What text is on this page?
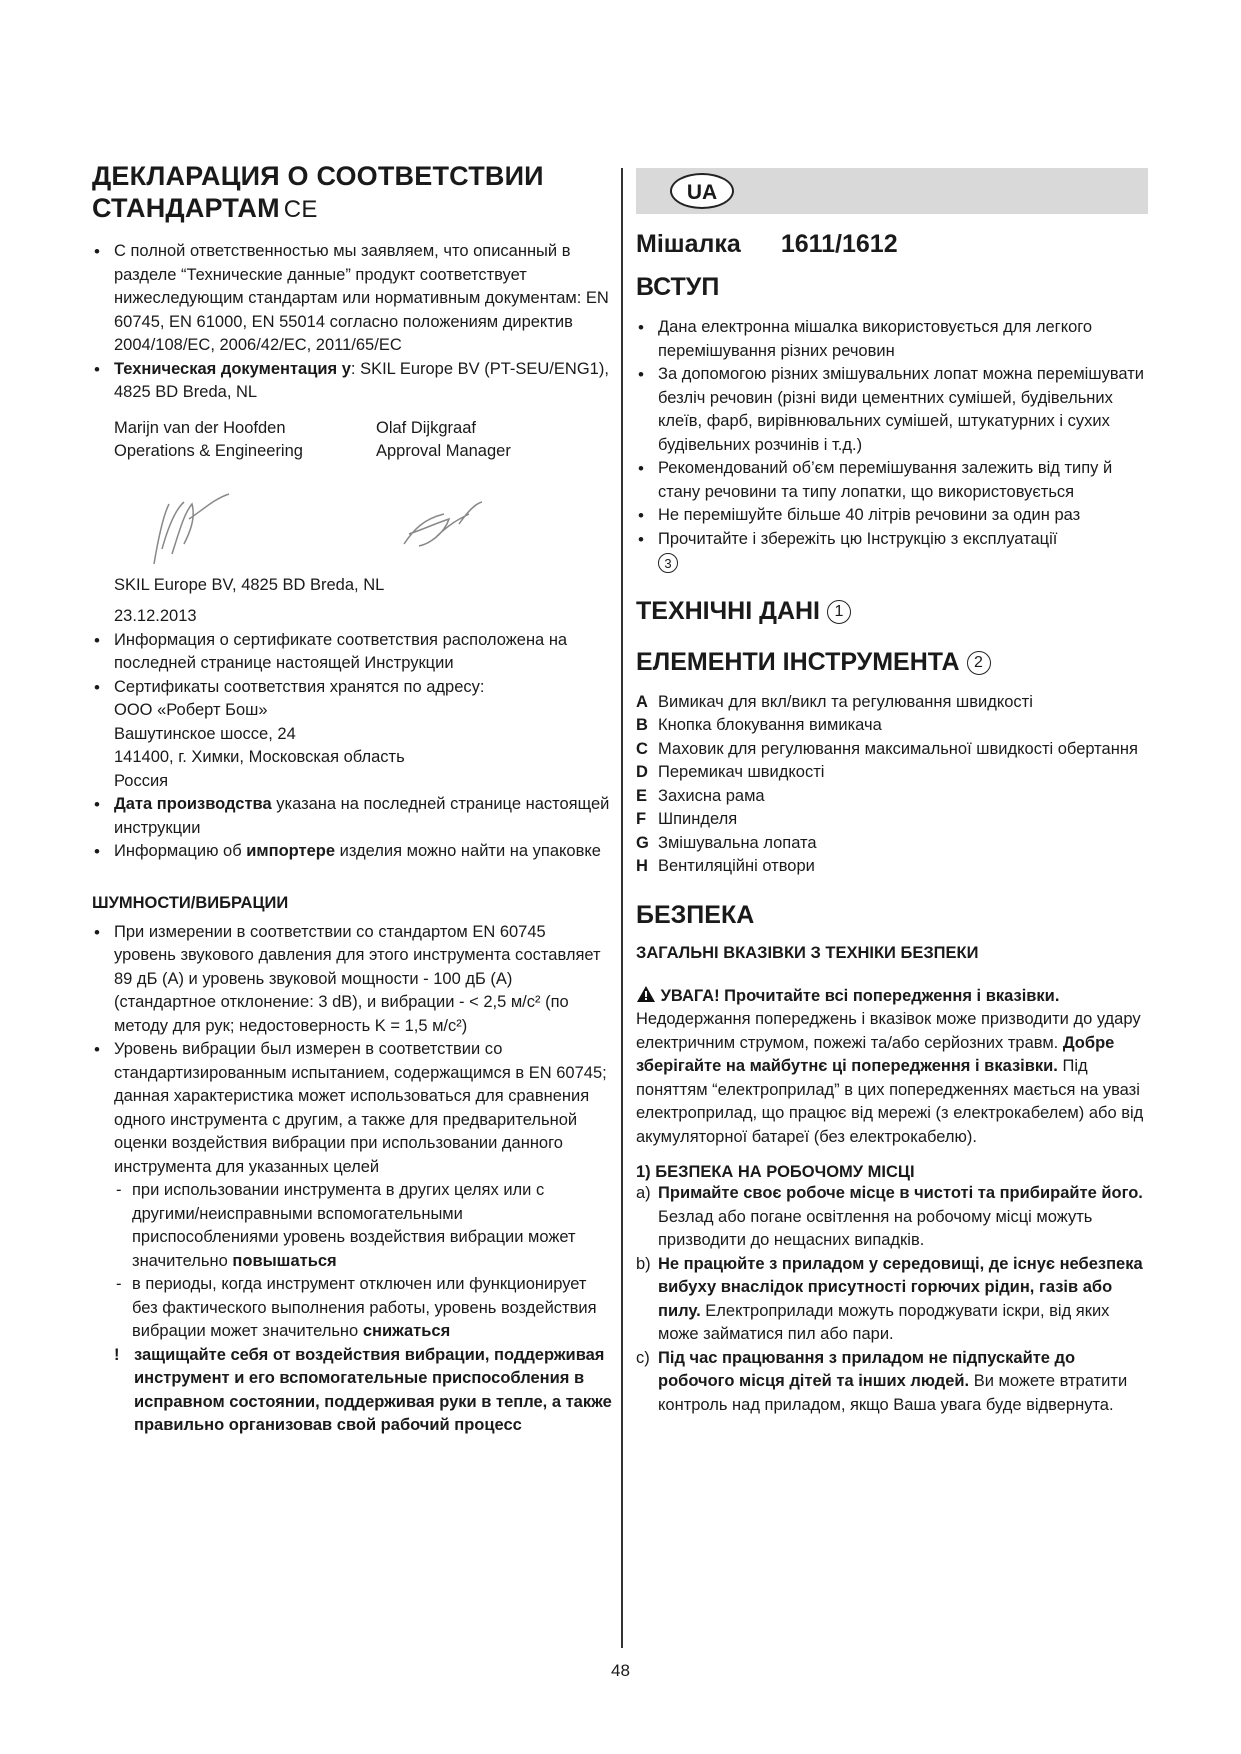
ДЕКЛАРАЦИЯ О СООТВЕТСТВИИ
СТАНДАРТАМ CE
• С полной ответственностью мы заявляем, что описанный в разделе “Технические данные” продукт соответствует нижеследующим стандартам или нормативным документам: EN 60745, EN 61000, EN 55014 согласно положениям директив 2004/108/EC, 2006/42/EC, 2011/65/EC
• Техническая документация у: SKIL Europe BV (PT-SEU/ENG1), 4825 BD Breda, NL

Marijn van der Hoofden

Operations & Engineering

Olaf Dijkgraaf

Approval Manager

SKIL Europe BV, 4825 BD Breda, NL

23.12.2013

• Информация о сертификате соответствия расположена на последней странице настоящей Инструкции
• Сертификаты соответствия хранятся по адресу:
ООО «Роберт Бош»
Вашутинское шоссе, 24
141400, г. Химки, Московская область
Россия
• Дата производства указана на последней странице настоящей инструкции
• Информацию об импортере изделия можно найти на упаковке
ШУМНОСТИ/ВИБРАЦИИ
• При измерении в соответствии со стандартом EN 60745 уровень звукового давления для этого инструмента составляет 89 дБ (A) и уровень звуковой мощности - 100 дБ (A) (стандартное отклонение: 3 dB), и вибрации - < 2,5 м/с² (по методу для рук; недостоверность K = 1,5 м/с²)
• Уровень вибрации был измерен в соответствии со стандартизированным испытанием, содержащимся в EN 60745; данная характеристика может использоваться для сравнения одного инструмента с другим, а также для предварительной оценки воздействия вибрации при использовании данного инструмента для указанных целей
- при использовании инструмента в других целях или с другими/неисправными вспомогательными приспособлениями уровень воздействия вибрации может значительно повышаться
- в периоды, когда инструмент отключен или функционирует без фактического выполнения работы, уровень воздействия вибрации может значительно снижаться

! защищайте себя от воздействия вибрации, поддерживая инструмент и его вспомогательные приспособления в исправном состоянии, поддерживая руки в тепле, а также правильно организовав свой рабочий процесс

UA
Мішалка 1611/1612
ВСТУП
• Дана електронна мішалка використовується для легкого перемішування різних речовин
• За допомогою різних змішувальних лопат можна перемішувати безліч речовин (різні види цементних сумішей, будівельних клеїв, фарб, вирівнювальних сумішей, штукатурних і сухих будівельних розчинів і т.д.)
• Рекомендований об’єм перемішування залежить від типу й стану речовини та типу лопатки, що використовується
• Не перемішуйте більше 40 літрів речовини за один раз
• Прочитайте і збережіть цю Інструкцію з експлуатації
3
ТЕХНІЧНІ ДАНІ 1
ЕЛЕМЕНТИ ІНСТРУМЕНТА 2
A Вимикач для вкл/викл та регулювання швидкості
B Кнопка блокування вимикача
C Маховик для регулювання максимальної швидкості обертання
D Перемикач швидкості
E Захисна рама
F Шпинделя
G Змішувальна лопата
H Вентиляційні отвори
БЕЗПЕКА
ЗАГАЛЬНІ ВКАЗІВКИ З ТЕХНІКИ БЕЗПЕКИ

УВАГА! Прочитайте всі попередження і вказівки. Недодержання попереджень і вказівок може призводити до удару електричним струмом, пожежі та/або серйозних травм. Добре зберігайте на майбутнє ці попередження і вказівки. Під поняттям “електроприлад” в цих попередженнях мається на увазі електроприлад, що працює від мережі (з електрокабелем) або від акумуляторної батареї (без електрокабелю).

1) БЕЗПЕКА НА РОБОЧОМУ МІСЦІ
a) Примайте своє робоче місце в чистоті та прибирайте його. Безлад або погане освітлення на робочому місці можуть призводити до нещасних випадків.
b) Не працюйте з приладом у середовищі, де існує небезпека вибуху внаслідок присутності горючих рідин, газів або пилу. Електроприлади можуть породжувати іскри, від яких може займатися пил або пари.
c) Під час працювання з приладом не підпускайте до робочого місця дітей та інших людей. Ви можете втратити контроль над приладом, якщо Ваша увага буде відвернута.
48
